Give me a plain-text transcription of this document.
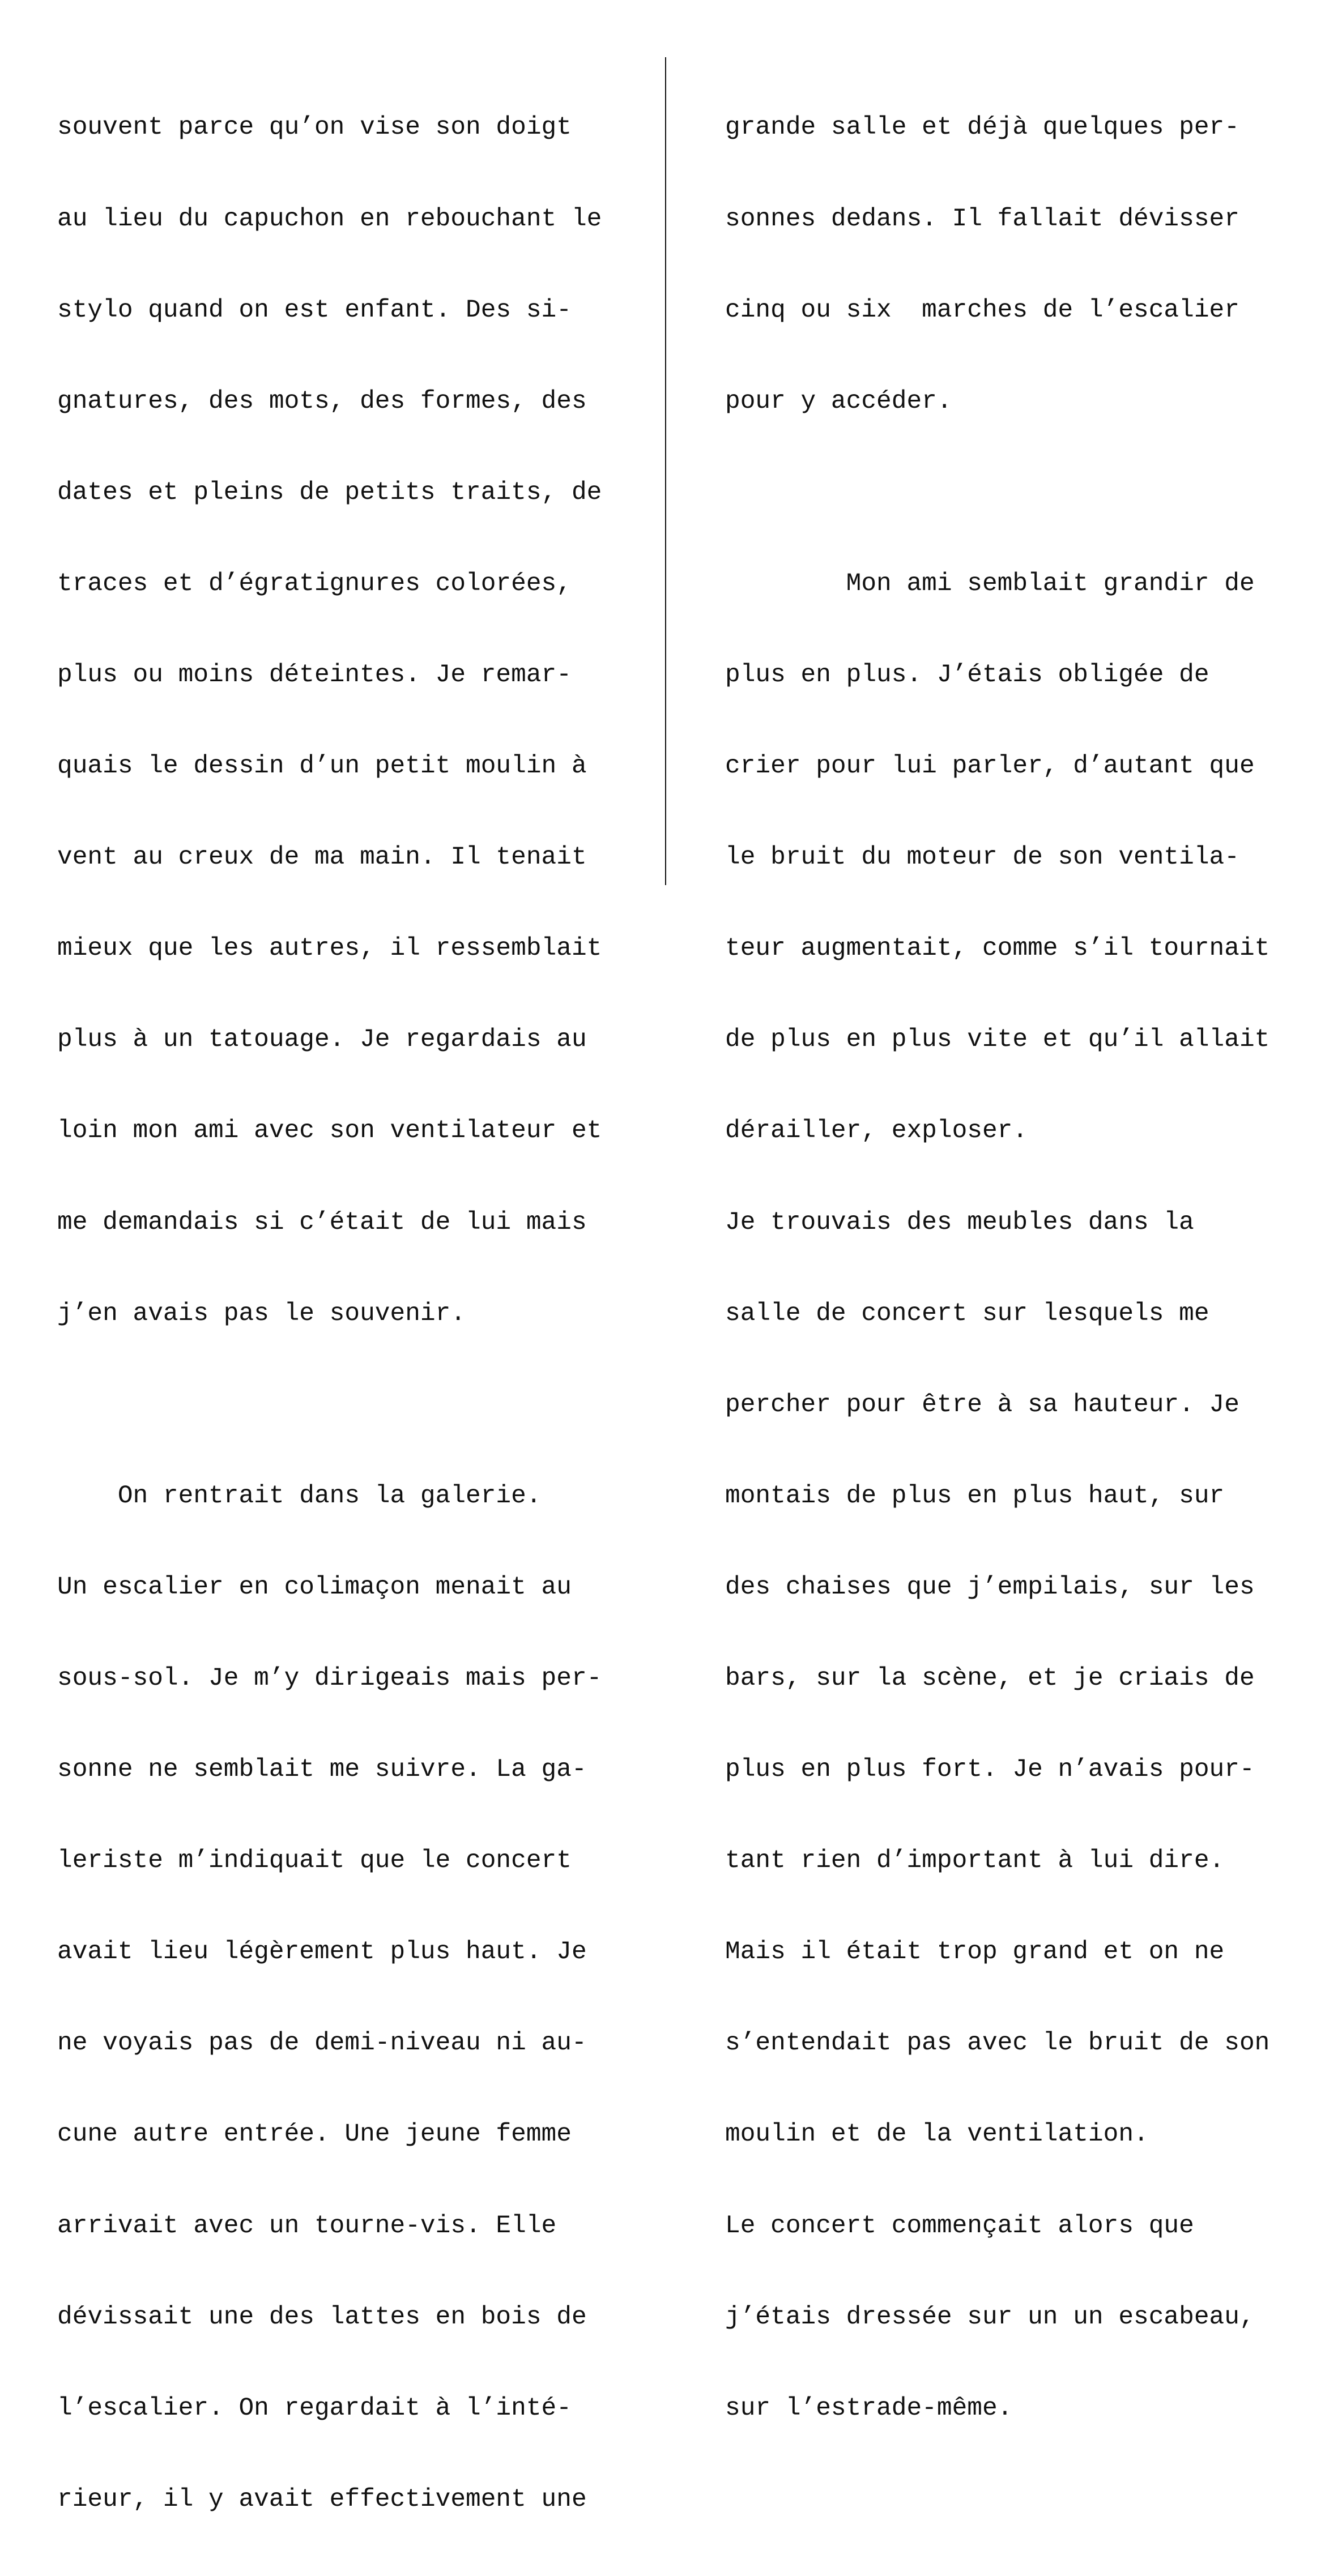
souvent parce qu’on vise son doigt

au lieu du capuchon en rebouchant le

stylo quand on est enfant. Des si-

gnatures, des mots, des formes, des

dates et pleins de petits traits, de

traces et d’égratignures colorées,

plus ou moins déteintes. Je remar-

quais le dessin d’un petit moulin à

vent au creux de ma main. Il tenait

mieux que les autres, il ressemblait

plus à un tatouage. Je regardais au

loin mon ami avec son ventilateur et

me demandais si c’était de lui mais

j’en avais pas le souvenir.

On rentrait dans la galerie.

Un escalier en colimaçon menait au

sous-sol. Je m’y dirigeais mais per-

sonne ne semblait me suivre. La ga-

leriste m’indiquait que le concert

avait lieu légèrement plus haut. Je

ne voyais pas de demi-niveau ni au-

cune autre entrée. Une jeune femme

arrivait avec un tourne-vis. Elle

dévissait une des lattes en bois de

l’escalier. On regardait à l’inté-

rieur, il y avait effectivement une

grande salle et déjà quelques per-

sonnes dedans. Il fallait dévisser

cinq ou six  marches de l’escalier

pour y accéder.

Mon ami semblait grandir de

plus en plus. J’étais obligée de

crier pour lui parler, d’autant que

le bruit du moteur de son ventila-

teur augmentait, comme s’il tournait

de plus en plus vite et qu’il allait

dérailler, exploser.

Je trouvais des meubles dans la

salle de concert sur lesquels me

percher pour être à sa hauteur. Je

montais de plus en plus haut, sur

des chaises que j’empilais, sur les

bars, sur la scène, et je criais de

plus en plus fort. Je n’avais pour-

tant rien d’important à lui dire.

Mais il était trop grand et on ne

s’entendait pas avec le bruit de son

moulin et de la ventilation.

Le concert commençait alors que

j’étais dressée sur un un escabeau,

sur l’estrade-même.
